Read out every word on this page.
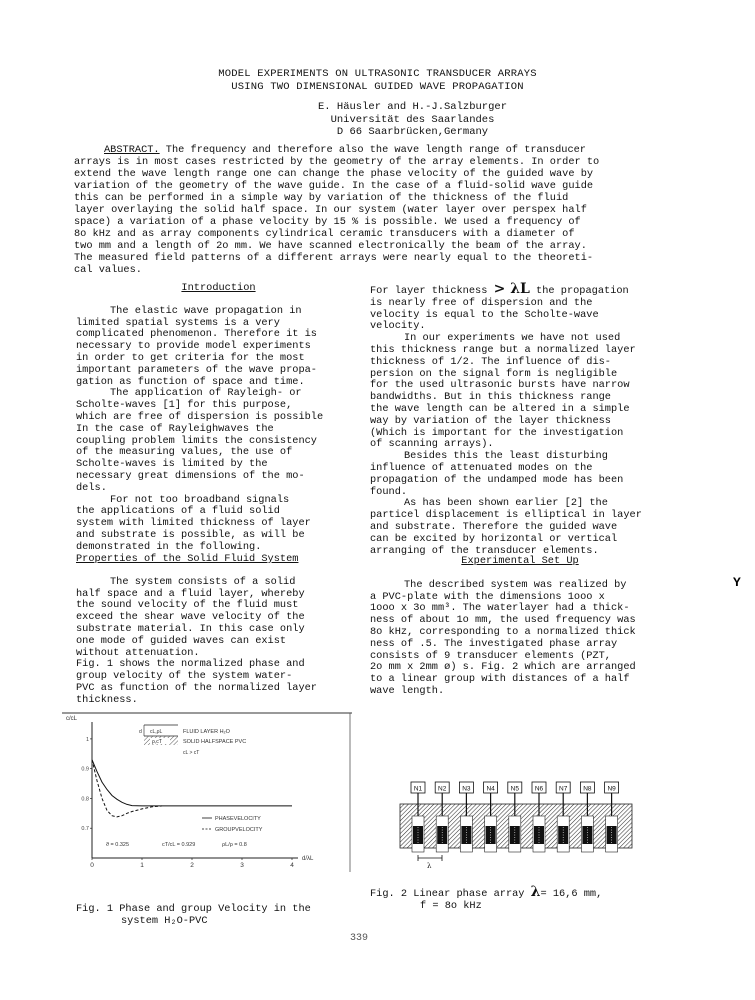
MODEL EXPERIMENTS ON ULTRASONIC TRANSDUCER ARRAYS
USING TWO DIMENSIONAL GUIDED WAVE PROPAGATION
E. Häusler and H.-J.Salzburger
Universität des Saarlandes
D 66 Saarbrücken,Germany
ABSTRACT. The frequency and therefore also the wave length range of transducer
arrays is in most cases restricted by the geometry of the array elements. In order to
extend the wave length range one can change the phase velocity of the guided wave by
variation of the geometry of the wave guide. In the case of a fluid-solid wave guide
this can be performed in a simple way by variation of the thickness of the fluid
layer overlaying the solid half space. In our system (water layer over perspex half
space) a variation of a phase velocity by 15 % is possible. We used a frequency of
8o kHz and as array components cylindrical ceramic transducers with a diameter of
two mm and a length of 2o mm. We have scanned electronically the beam of the array.
The measured field patterns of a different arrays were nearly equal to the theoreti-
cal values.

Introduction

The elastic wave propagation in
limited spatial systems is a very
complicated phenomenon. Therefore it is
necessary to provide model experiments
in order to get criteria for the most
important parameters of the wave propa-
gation as function of space and time.
The application of Rayleigh- or
Scholte-waves [1] for this purpose,
which are free of dispersion is possible
In the case of Rayleighwaves the
coupling problem limits the consistency
of the measuring values, the use of
Scholte-waves is limited by the
necessary great dimensions of the mo-
dels.
For not too broadband signals
the applications of a fluid solid
system with limited thickness of layer
and substrate is possible, as will be
demonstrated in the following.

Properties of the Solid Fluid System

The system consists of a solid
half space and a fluid layer, whereby
the sound velocity of the fluid must
exceed the shear wave velocity of the
substrate material. In this case only
one mode of guided waves can exist
without attenuation.
Fig. 1 shows the normalized phase and
group velocity of the system water-
PVC as function of the normalized layer
thickness.
c/cL
d/λL
0	1	2	3	4
1
0.9
0.8
0.7
PHASEVELOCITY
GROUPVELOCITY
ϑ = 0.325	cT/cL = 0.929	ρL/ρ = 0.8
d cL,ρL
ρ,cT
FLUID LAYER H₂O
SOLID HALFSPACE PVC
cL > cT
Fig. 1 Phase and group Velocity in the
system H₂O-PVC
For layer thickness > λL the propagation
is nearly free of dispersion and the
velocity is equal to the Scholte-wave
velocity.
In our experiments we have not used
this thickness range but a normalized layer
thickness of 1/2. The influence of dis-
persion on the signal form is negligible
for the used ultrasonic bursts have narrow
bandwidths. But in this thickness range
the wave length can be altered in a simple
way by variation of the layer thickness
(Which is important for the investigation
of scanning arrays).
Besides this the least disturbing
influence of attenuated modes on the
propagation of the undamped mode has been
found.
As has been shown earlier [2] the
particel displacement is elliptical in layer
and substrate. Therefore the guided wave
can be excited by horizontal or vertical
arranging of the transducer elements.

Experimental Set Up

The described system was realized by
a PVC-plate with the dimensions 1ooo x
1ooo x 3o mm³. The waterlayer had a thick-
ness of about 1o mm, the used frequency was
8o kHz, corresponding to a normalized thick
ness of .5. The investigated phase array
consists of 9 transducer elements (PZT,
2o mm x 2mm ø) s. Fig. 2 which are arranged
to a linear group with distances of a half
wave length.
N1 N2 N3 N4 N5 N6 N7 N8 N9
λ
Fig. 2 Linear phase array λ= 16,6 mm,
f = 8o kHz
339
Y
